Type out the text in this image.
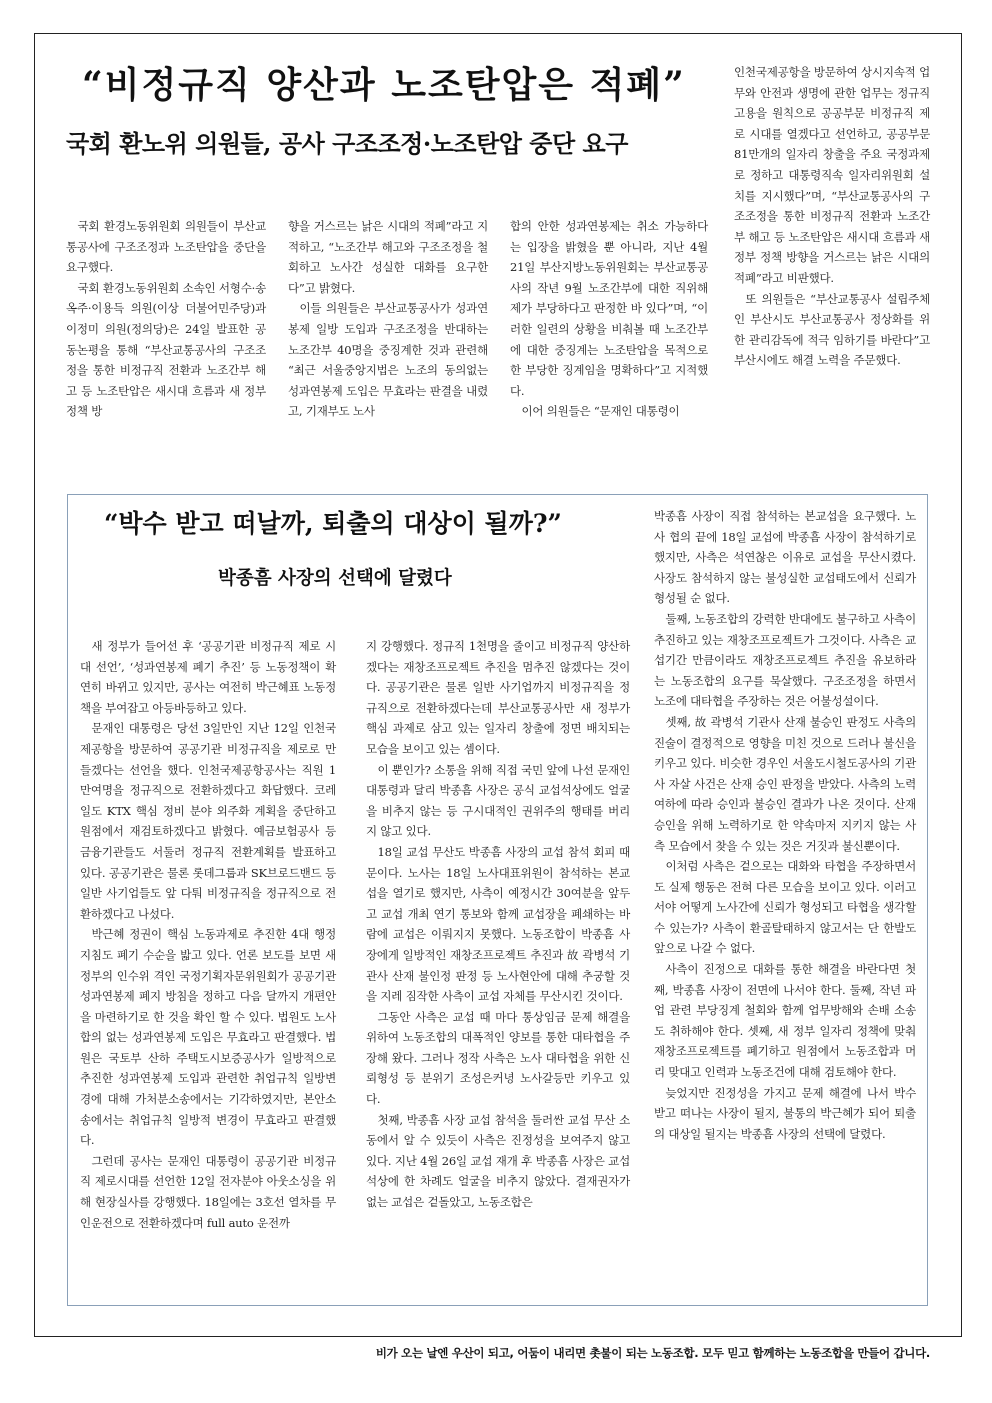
“비정규직 양산과 노조탄압은 적폐”
국회 환노위 의원들, 공사 구조조정·노조탄압 중단 요구

국회 환경노동위원회 의원들이 부산교통공사에 구조조정과 노조탄압을 중단을 요구했다.

국회 환경노동위원회 소속인 서형수·송옥주·이용득 의원(이상 더불어민주당)과 이정미 의원(정의당)은 24일 발표한 공동논평을 통해 “부산교통공사의 구조조정을 통한 비정규직 전환과 노조간부 해고 등 노조탄압은 새시대 흐름과 새 정부 정책 방

향을 거스르는 낡은 시대의 적폐”라고 지적하고, “노조간부 해고와 구조조정을 철회하고 노사간 성실한 대화를 요구한다”고 밝혔다.

이들 의원들은 부산교통공사가 성과연봉제 일방 도입과 구조조정을 반대하는 노조간부 40명을 중징계한 것과 관련해 “최근 서울중앙지법은 노조의 동의없는 성과연봉제 도입은 무효라는 판결을 내렸고, 기재부도 노사

합의 안한 성과연봉제는 취소 가능하다는 입장을 밝혔을 뿐 아니라, 지난 4월21일 부산지방노동위원회는 부산교통공사의 작년 9월 노조간부에 대한 직위해제가 부당하다고 판정한 바 있다”며, “이러한 일련의 상황을 비춰볼 때 노조간부에 대한 중징계는 노조탄압을 목적으로 한 부당한 징계임을 명확하다”고 지적했다.

이어 의원들은 “문재인 대통령이

인천국제공항을 방문하여 상시지속적 업무와 안전과 생명에 관한 업무는 정규직 고용을 원칙으로 공공부문 비정규직 제로 시대를 열겠다고 선언하고, 공공부문 81만개의 일자리 창출을 주요 국정과제로 정하고 대통령직속 일자리위원회 설치를 지시했다”며, “부산교통공사의 구조조정을 통한 비정규직 전환과 노조간부 해고 등 노조탄압은 새시대 흐름과 새 정부 정책 방향을 거스르는 낡은 시대의 적폐”라고 비판했다.

또 의원들은 “부산교통공사 설립주체인 부산시도 부산교통공사 정상화를 위한 관리감독에 적극 임하기를 바란다”고 부산시에도 해결 노력을 주문했다.

“박수 받고 떠날까, 퇴출의 대상이 될까?”
박종흠 사장의 선택에 달렸다

새 정부가 들어선 후 ‘공공기관 비정규직 제로 시대 선언’, ‘성과연봉제 폐기 추진’ 등 노동정책이 확연히 바뀌고 있지만, 공사는 여전히 박근혜표 노동정책을 부여잡고 아등바등하고 있다.

문재인 대통령은 당선 3일만인 지난 12일 인천국제공항을 방문하여 공공기관 비정규직을 제로로 만들겠다는 선언을 했다. 인천국제공항공사는 직원 1만여명을 정규직으로 전환하겠다고 화답했다. 코레일도 KTX 핵심 정비 분야 외주화 계획을 중단하고 원점에서 재검토하겠다고 밝혔다. 예금보험공사 등 금융기관들도 서둘러 정규직 전환계획를 발표하고 있다. 공공기관은 물론 롯데그룹과 SK브로드밴드 등 일반 사기업들도 앞 다퉈 비정규직을 정규직으로 전환하겠다고 나섰다.

박근혜 정권이 핵심 노동과제로 추진한 4대 행정지침도 폐기 수순을 밟고 있다. 언론 보도를 보면 새 정부의 인수위 격인 국정기획자문위원회가 공공기관 성과연봉제 폐지 방침을 정하고 다음 달까지 개편안을 마련하기로 한 것을 확인 할 수 있다. 법원도 노사합의 없는 성과연봉제 도입은 무효라고 판결했다. 법원은 국토부 산하 주택도시보증공사가 일방적으로 추진한 성과연봉제 도입과 관련한 취업규칙 일방변경에 대해 가처분소송에서는 기각하였지만, 본안소송에서는 취업규칙 일방적 변경이 무효라고 판결했다.

그런데 공사는 문재인 대통령이 공공기관 비정규직 제로시대를 선언한 12일 전자분야 아웃소싱을 위해 현장실사를 강행했다. 18일에는 3호선 열차를 무인운전으로 전환하겠다며 full auto 운전까

지 강행했다. 정규직 1천명을 줄이고 비정규직 양산하겠다는 재창조프로젝트 추진을 멈추진 않겠다는 것이다. 공공기관은 물론 일반 사기업까지 비정규직을 정규직으로 전환하겠다는데 부산교통공사만 새 정부가 핵심 과제로 삼고 있는 일자리 창출에 정면 배치되는 모습을 보이고 있는 셈이다.

이 뿐인가? 소통을 위해 직접 국민 앞에 나선 문재인 대통령과 달리 박종흠 사장은 공식 교섭석상에도 얼굴을 비추지 않는 등 구시대적인 권위주의 행태를 버리지 않고 있다.

18일 교섭 무산도 박종흠 사장의 교섭 참석 회피 때문이다. 노사는 18일 노사대표위원이 참석하는 본교섭을 열기로 했지만, 사측이 예정시간 30여분을 앞두고 교섭 개최 연기 통보와 함께 교섭장을 폐쇄하는 바람에 교섭은 이뤄지지 못했다. 노동조합이 박종흠 사장에게 일방적인 재창조프로젝트 추진과 故 곽병석 기관사 산재 불인정 판정 등 노사현안에 대해 추궁할 것을 지레 짐작한 사측이 교섭 자체를 무산시킨 것이다.

그동안 사측은 교섭 때 마다 통상임금 문제 해결을 위하여 노동조합의 대폭적인 양보를 통한 대타협을 주장해 왔다. 그러나 정작 사측은 노사 대타협을 위한 신뢰형성 등 분위기 조성은커녕 노사갈등만 키우고 있다.

첫째, 박종흠 사장 교섭 참석을 둘러싼 교섭 무산 소동에서 알 수 있듯이 사측은 진정성을 보여주지 않고 있다. 지난 4월 26일 교섭 재개 후 박종흠 사장은 교섭석상에 한 차례도 얼굴을 비추지 않았다. 결재권자가 없는 교섭은 겉돌았고, 노동조합은

박종흠 사장이 직접 참석하는 본교섭을 요구했다. 노사 협의 끝에 18일 교섭에 박종흠 사장이 참석하기로 했지만, 사측은 석연찮은 이유로 교섭을 무산시켰다. 사장도 참석하지 않는 불성실한 교섭태도에서 신뢰가 형성될 순 없다.

둘째, 노동조합의 강력한 반대에도 불구하고 사측이 추진하고 있는 재창조프로젝트가 그것이다. 사측은 교섭기간 만큼이라도 재창조프로젝트 추진을 유보하라는 노동조합의 요구를 묵살했다. 구조조정을 하면서 노조에 대타협을 주장하는 것은 어불성설이다.

셋째, 故 곽병석 기관사 산재 불승인 판정도 사측의 진술이 결정적으로 영향을 미친 것으로 드러나 불신을 키우고 있다. 비슷한 경우인 서울도시철도공사의 기관사 자살 사건은 산재 승인 판정을 받았다. 사측의 노력 여하에 따라 승인과 불승인 결과가 나온 것이다. 산재 승인을 위해 노력하기로 한 약속마저 지키지 않는 사측 모습에서 찾을 수 있는 것은 거짓과 불신뿐이다.

이처럼 사측은 겉으로는 대화와 타협을 주장하면서도 실제 행동은 전혀 다른 모습을 보이고 있다. 이러고서야 어떻게 노사간에 신뢰가 형성되고 타협을 생각할 수 있는가? 사측이 환골탈태하지 않고서는 단 한발도 앞으로 나갈 수 없다.

사측이 진정으로 대화를 통한 해결을 바란다면 첫째, 박종흠 사장이 전면에 나서야 한다. 둘째, 작년 파업 관련 부당징계 철회와 함께 업무방해와 손배 소송도 취하해야 한다. 셋째, 새 정부 일자리 정책에 맞춰 재창조프로젝트를 폐기하고 원점에서 노동조합과 머리 맞대고 인력과 노동조건에 대해 검토해야 한다.

늦었지만 진정성을 가지고 문제 해결에 나서 박수 받고 떠나는 사장이 될지, 불통의 박근혜가 되어 퇴출의 대상일 될지는 박종흠 사장의 선택에 달렸다.

비가 오는 날엔 우산이 되고, 어둠이 내리면 촛불이 되는 노동조합. 모두 믿고 함께하는 노동조합을 만들어 갑니다.
